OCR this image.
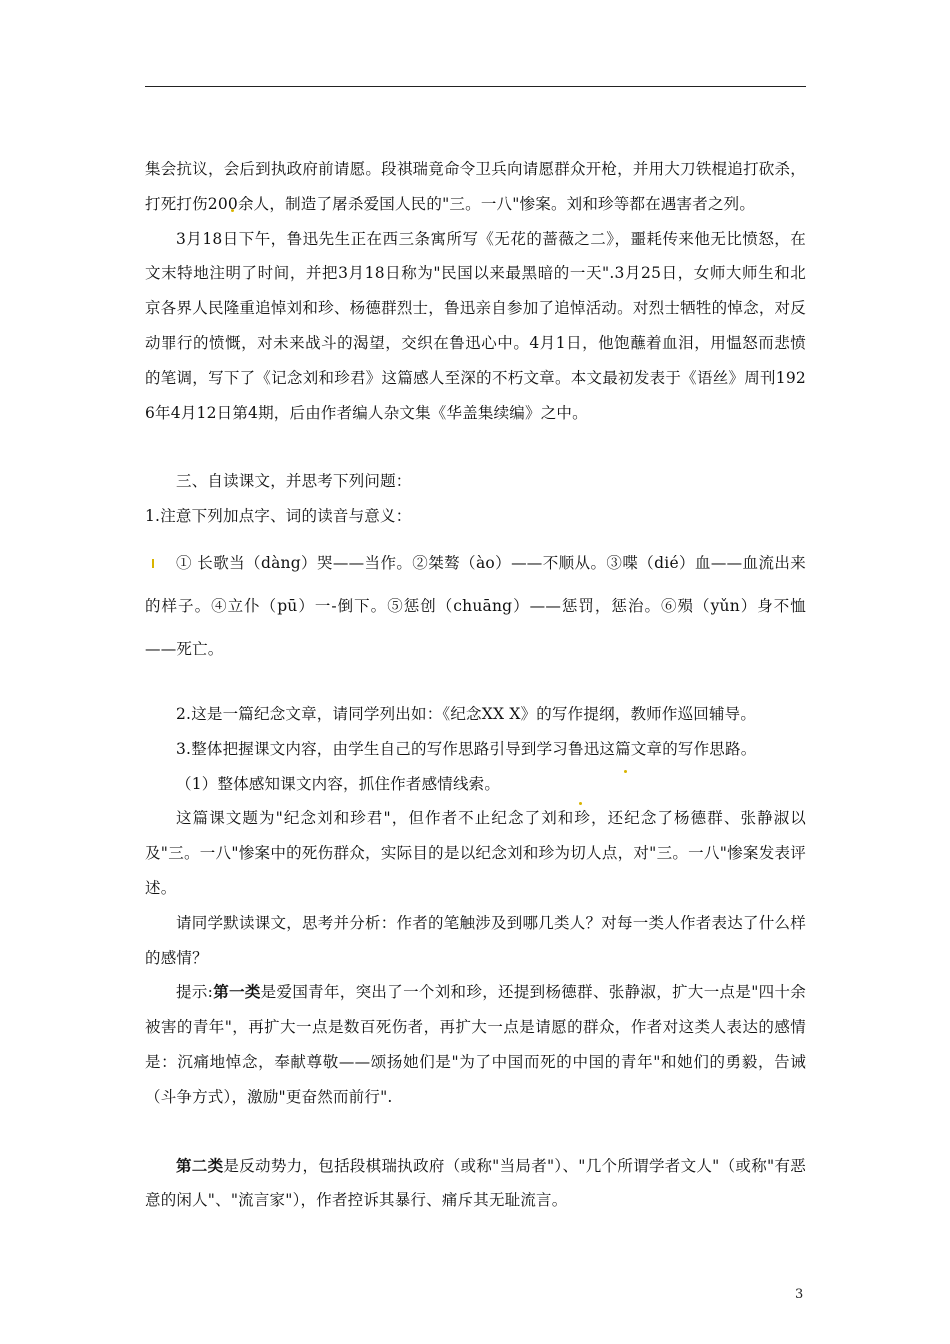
集会抗议，会后到执政府前请愿。段祺瑞竟命令卫兵向请愿群众开枪，并用大刀铁棍追打砍杀，打死打伤200余人，制造了屠杀爱国人民的"三。一八"惨案。刘和珍等都在遇害者之列。

3月18日下午，鲁迅先生正在西三条寓所写《无花的蔷薇之二》，噩耗传来他无比愤怒，在文末特地注明了时间，并把3月18日称为"民国以来最黑暗的一天".3月25日，女师大师生和北京各界人民隆重追悼刘和珍、杨德群烈士，鲁迅亲自参加了追悼活动。对烈士牺牲的悼念，对反动罪行的愤慨，对未来战斗的渴望，交织在鲁迅心中。4月1日，他饱蘸着血泪，用愠怒而悲愤的笔调，写下了《记念刘和珍君》这篇感人至深的不朽文章。本文最初发表于《语丝》周刊1926年4月12日第4期，后由作者编人杂文集《华盖集续编》之中。

三、自读课文，并思考下列问题：

1.注意下列加点字、词的读音与意义：

① 长歌当（dàng）哭——当作。②桀骜（ào）——不顺从。③喋（dié）血——血流出来的样子。④立仆（pū）一-倒下。⑤惩创（chuāng）——惩罚，惩治。⑥殒（yǔn）身不恤——死亡。

2.这是一篇纪念文章，请同学列出如：《纪念XX X》的写作提纲，教师作巡回辅导。

3.整体把握课文内容，由学生自己的写作思路引导到学习鲁迅这篇文章的写作思路。

（1）整体感知课文内容，抓住作者感情线索。

这篇课文题为"纪念刘和珍君"，但作者不止纪念了刘和珍，还纪念了杨德群、张静淑以及"三。一八"惨案中的死伤群众，实际目的是以纪念刘和珍为切人点，对"三。一八"惨案发表评述。

请同学默读课文，思考并分析：作者的笔触涉及到哪几类人？对每一类人作者表达了什么样的感情？

提示:第一类是爱国青年，突出了一个刘和珍，还提到杨德群、张静淑，扩大一点是"四十余被害的青年"，再扩大一点是数百死伤者，再扩大一点是请愿的群众，作者对这类人表达的感情是：沉痛地悼念，奉献尊敬——颂扬她们是"为了中国而死的中国的青年"和她们的勇毅，告诫（斗争方式），激励"更奋然而前行".

第二类是反动势力，包括段棋瑞执政府（或称"当局者"）、"几个所谓学者文人"（或称"有恶意的闲人"、"流言家"），作者控诉其暴行、痛斥其无耻流言。

3
